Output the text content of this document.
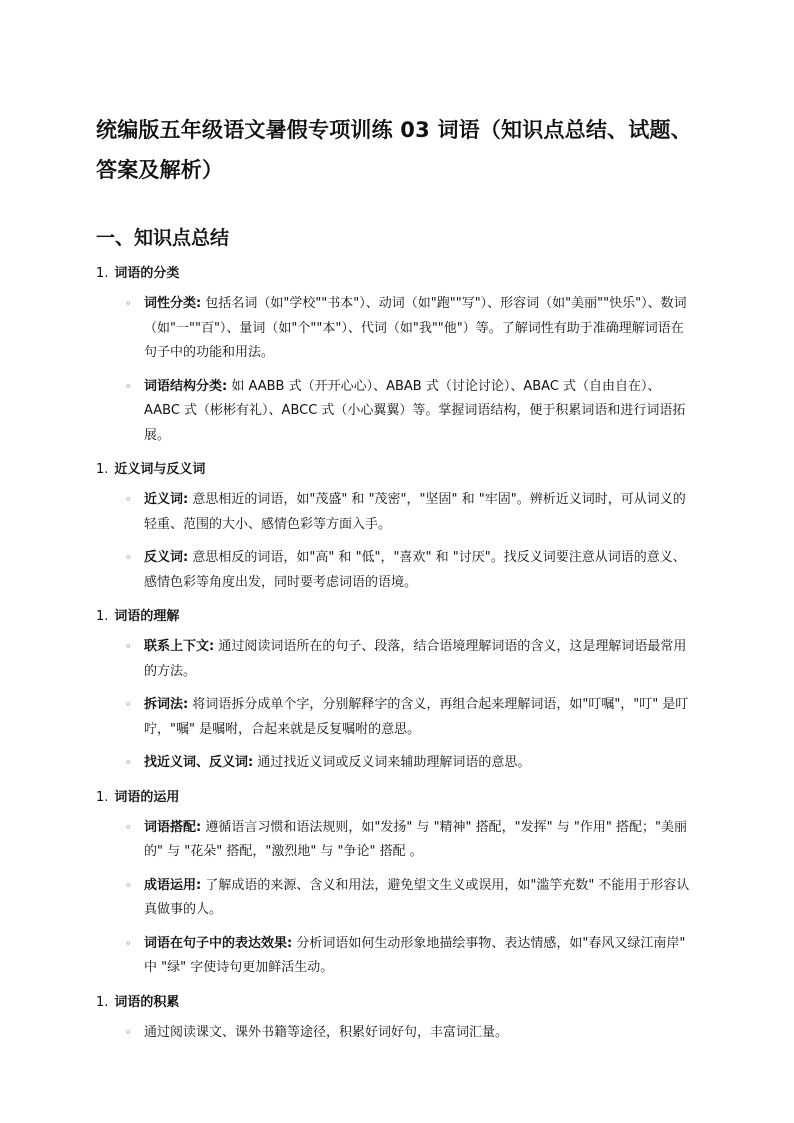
统编版五年级语文暑假专项训练 03 词语（知识点总结、试题、答案及解析）
一、知识点总结
1. 词语的分类
◦ 词性分类: 包括名词（如"学校""书本"）、动词（如"跑""写"）、形容词（如"美丽""快乐"）、数词（如"一""百"）、量词（如"个""本"）、代词（如"我""他"）等。了解词性有助于准确理解词语在句子中的功能和用法。
◦ 词语结构分类: 如 AABB 式（开开心心）、ABAB 式（讨论讨论）、ABAC 式（自由自在）、AABC 式（彬彬有礼）、ABCC 式（小心翼翼）等。掌握词语结构，便于积累词语和进行词语拓展。
1. 近义词与反义词
◦ 近义词: 意思相近的词语，如"茂盛" 和 "茂密"，"坚固" 和 "牢固"。辨析近义词时，可从词义的轻重、范围的大小、感情色彩等方面入手。
◦ 反义词: 意思相反的词语，如"高" 和 "低"，"喜欢" 和 "讨厌"。找反义词要注意从词语的意义、感情色彩等角度出发，同时要考虑词语的语境。
1. 词语的理解
◦ 联系上下文: 通过阅读词语所在的句子、段落，结合语境理解词语的含义，这是理解词语最常用的方法。
◦ 拆词法: 将词语拆分成单个字，分别解释字的含义，再组合起来理解词语，如"叮嘱"，"叮" 是叮咛，"嘱" 是嘱咐，合起来就是反复嘱咐的意思。
◦ 找近义词、反义词: 通过找近义词或反义词来辅助理解词语的意思。
1. 词语的运用
◦ 词语搭配: 遵循语言习惯和语法规则，如"发扬" 与 "精神" 搭配，"发挥" 与 "作用" 搭配；"美丽的" 与 "花朵" 搭配，"激烈地" 与 "争论" 搭配 。
◦ 成语运用: 了解成语的来源、含义和用法，避免望文生义或误用，如"滥竽充数" 不能用于形容认真做事的人。
◦ 词语在句子中的表达效果: 分析词语如何生动形象地描绘事物、表达情感，如"春风又绿江南岸" 中 "绿" 字使诗句更加鲜活生动。
1. 词语的积累
◦ 通过阅读课文、课外书籍等途径，积累好词好句，丰富词汇量。
